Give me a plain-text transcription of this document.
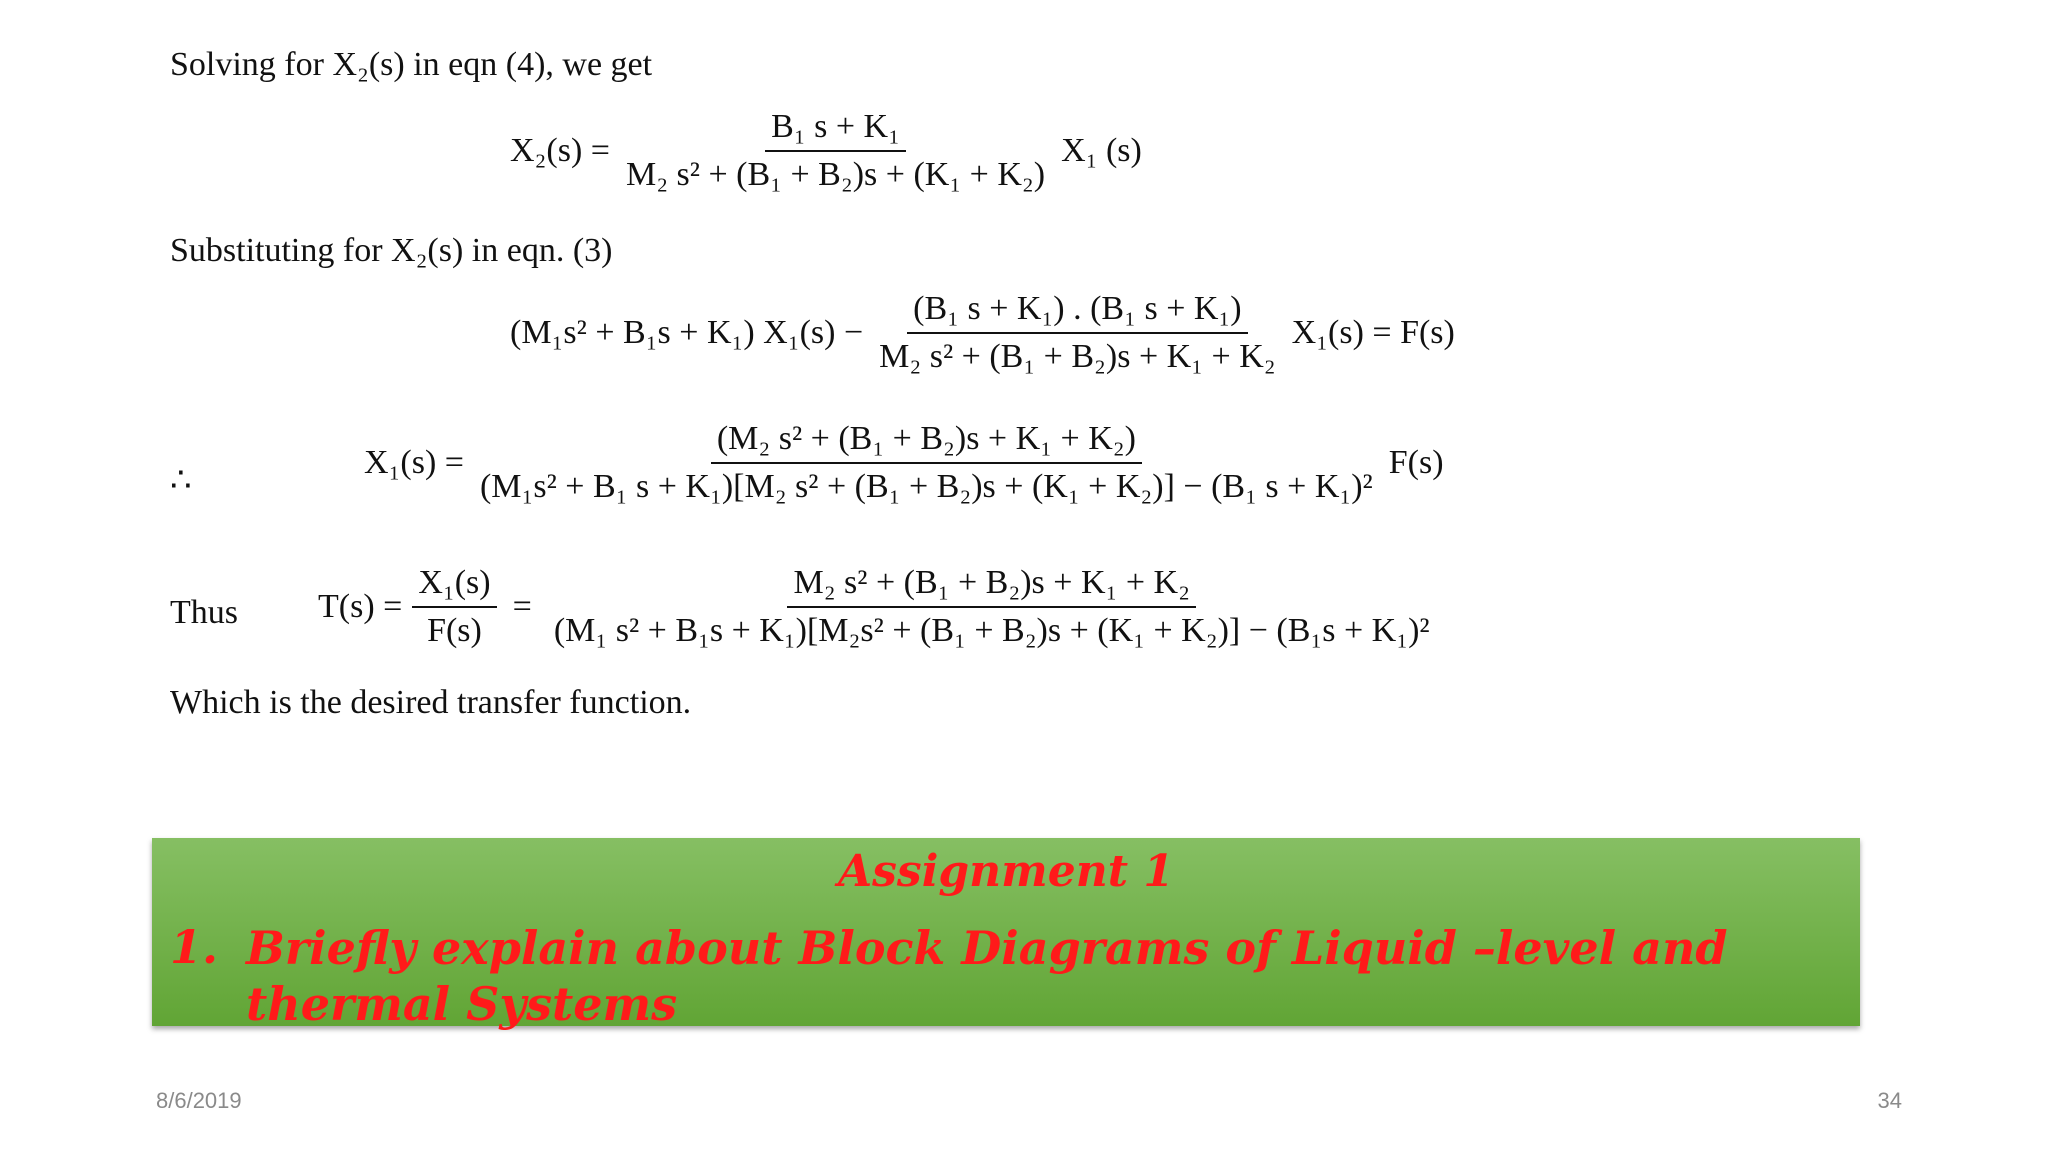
Solving for X₂(s) in eqn (4), we get
$X_2(s) = \frac{\text{B₁ s + K₁}}{\text{M₂ s² + (B₁ + B₂)s + (K₁ + K₂)}} X_1$ (s)
Substituting for X₂(s) in eqn. (3)
(M₁s² + B₁s + K₁) $X_1(s) - \frac{\text{(B₁ s + K₁) . (B₁ s + K₁)}}{\text{M₂ s² + (B₁ + B₂)s + K₁ + K₂}} X_1(s) = F(s)$
∴	X₁(s) =
(M₂ s² + (B₁ + B₂)s + K₁ + K₂)
(M₁s² + B₁ s + K₁)[M₂ s² + (B₁ + B₂)s + (K₁ + K₂)] − (B₁ s + K₁)²
F(s)
Thus $T(s) = \frac{\text{X₁(s)}}{F(s)}$ =
M₂ s² + (B₁ + B₂)s + K₁ + K₂
(M₁ s² + B₁s + K₁)[M₂s² + (B₁ + B₂)s + (K₁ + K₂)] − (B₁s + K₁)²
Which is the desired transfer function.
Assignment 1
1. Briefly explain about Block Diagrams of Liquid –level and thermal Systems
8/6/2019	34
